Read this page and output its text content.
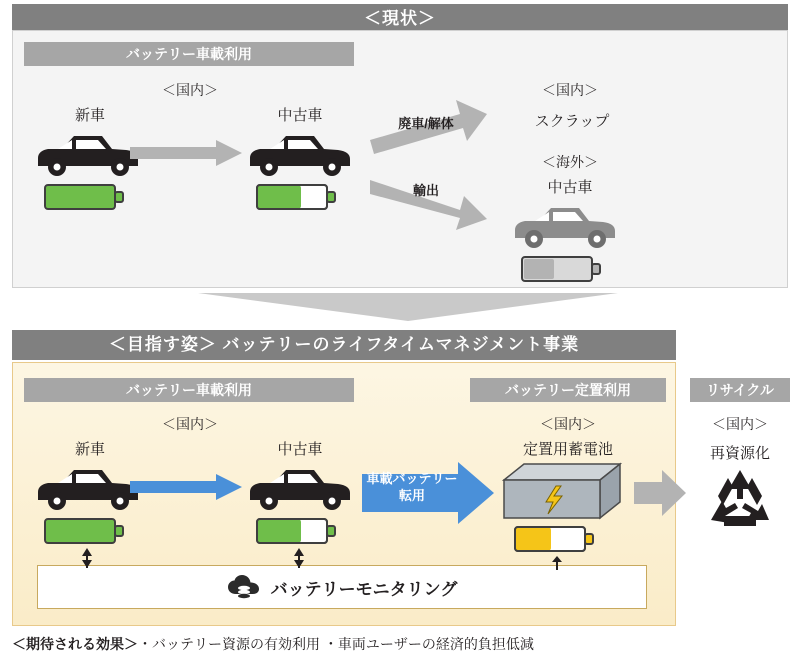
＜現状＞
バッテリー車載利用
＜国内＞
新車	中古車	廃車/解体
輸出
＜国内＞
スクラップ
＜海外＞
中古車
＜目指す姿＞ バッテリーのライフタイムマネジメント事業
バッテリーモニタリング
バッテリー車載利用	バッテリー定置利用	リサイクル
＜国内＞	＜国内＞	＜国内＞
新車	中古車	定置用蓄電池	再資源化
車載バッテリー
転用
＜期待される効果＞・バッテリー資源の有効利用 ・車両ユーザーの経済的負担低減
